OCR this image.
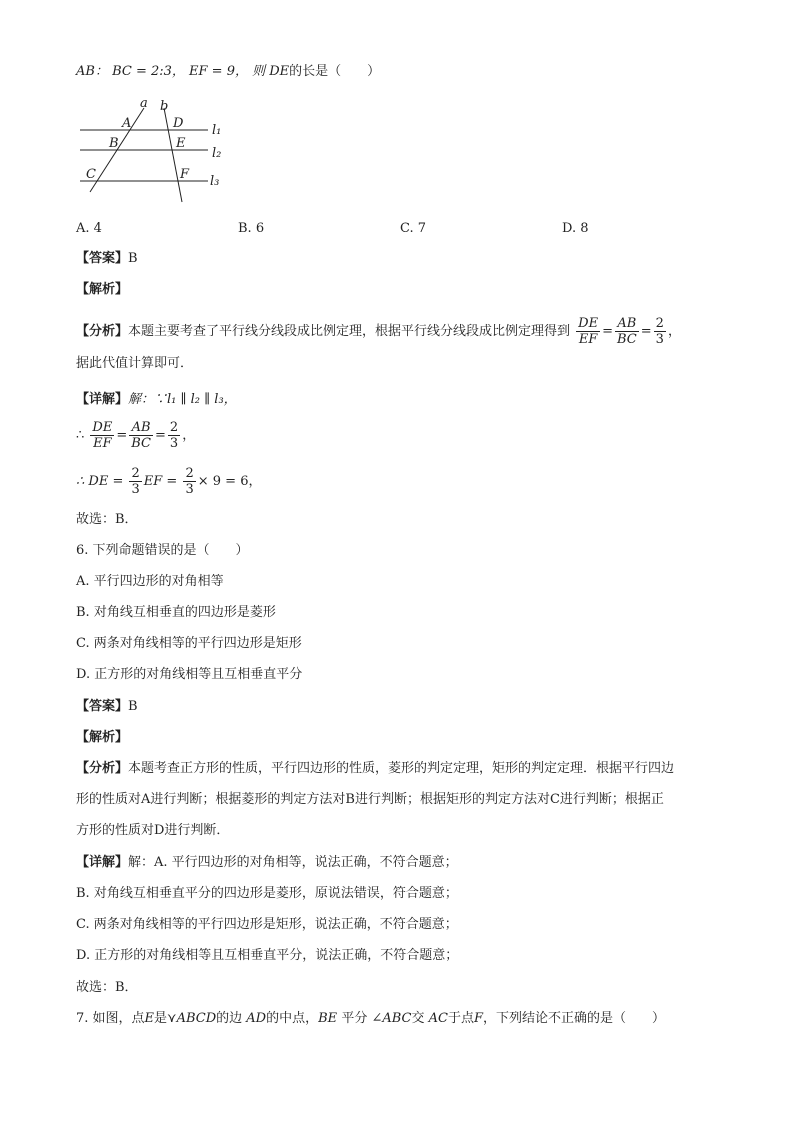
AB： BC = 2:3， EF = 9， 则 DE的长是（　　）
a b
A	D
B	E
C	F
l₁
l₂
l₃
A. 4	B. 6	C. 7	D. 8
【答案】B
【解析】
【分析】本题主要考查了平行线分线段成比例定理，根据平行线分线段成比例定理得到 $\frac{DE}{EF} = \frac{AB}{BC} = \frac{2}{3}$ ，
据此代值计算即可．
【详解】解：∵l₁ ∥ l₂ ∥ l₃，
∴ $\frac{DE}{EF} = \frac{AB}{BC} = \frac{2}{3}$ ，
∴ DE = $\frac{2}{3}$ EF = $\frac{2}{3} \times 9 = 6$，
故选：B．
6. 下列命题错误的是（　　）
A. 平行四边形的对角相等
B. 对角线互相垂直的四边形是菱形
C. 两条对角线相等的平行四边形是矩形
D. 正方形的对角线相等且互相垂直平分
【答案】B
【解析】
【分析】本题考查正方形的性质，平行四边形的性质，菱形的判定定理，矩形的判定定理．根据平行四边
形的性质对A进行判断；根据菱形的判定方法对B进行判断；根据矩形的判定方法对C进行判断；根据正
方形的性质对D进行判断．
【详解】解：A. 平行四边形的对角相等，说法正确，不符合题意；
B. 对角线互相垂直平分的四边形是菱形，原说法错误，符合题意；
C. 两条对角线相等的平行四边形是矩形，说法正确，不符合题意；
D. 正方形的对角线相等且互相垂直平分，说法正确，不符合题意；
故选：B．
7. 如图，点E是⋎ABCD的边 AD的中点，BE 平分 ∠ABC交 AC于点F，下列结论不正确的是（　　）
